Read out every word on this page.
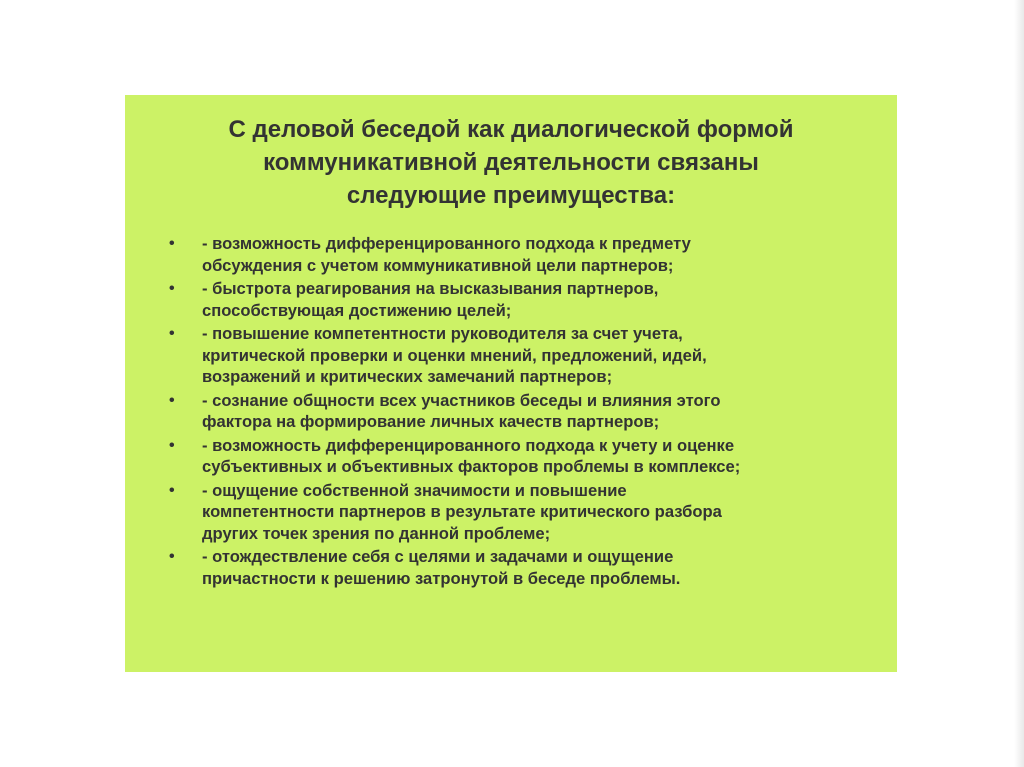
С деловой беседой как диалогической формой
коммуникативной деятельности связаны
следующие преимущества:
• - возможность дифференцированного подхода к предмету
обсуждения с учетом коммуникативной цели партнеров;
• - быстрота реагирования на высказывания партнеров,
способствующая достижению целей;
• - повышение компетентности руководителя за счет учета,
критической проверки и оценки мнений, предложений, идей,
возражений и критических замечаний партнеров;
• - сознание общности всех участников беседы и влияния этого
фактора на формирование личных качеств партнеров;
• - возможность дифференцированного подхода к учету и оценке
субъективных и объективных факторов проблемы в комплексе;
• - ощущение собственной значимости и повышение
компетентности партнеров в результате критического разбора
других точек зрения по данной проблеме;
• - отождествление себя с целями и задачами и ощущение
причастности к решению затронутой в беседе проблемы.
